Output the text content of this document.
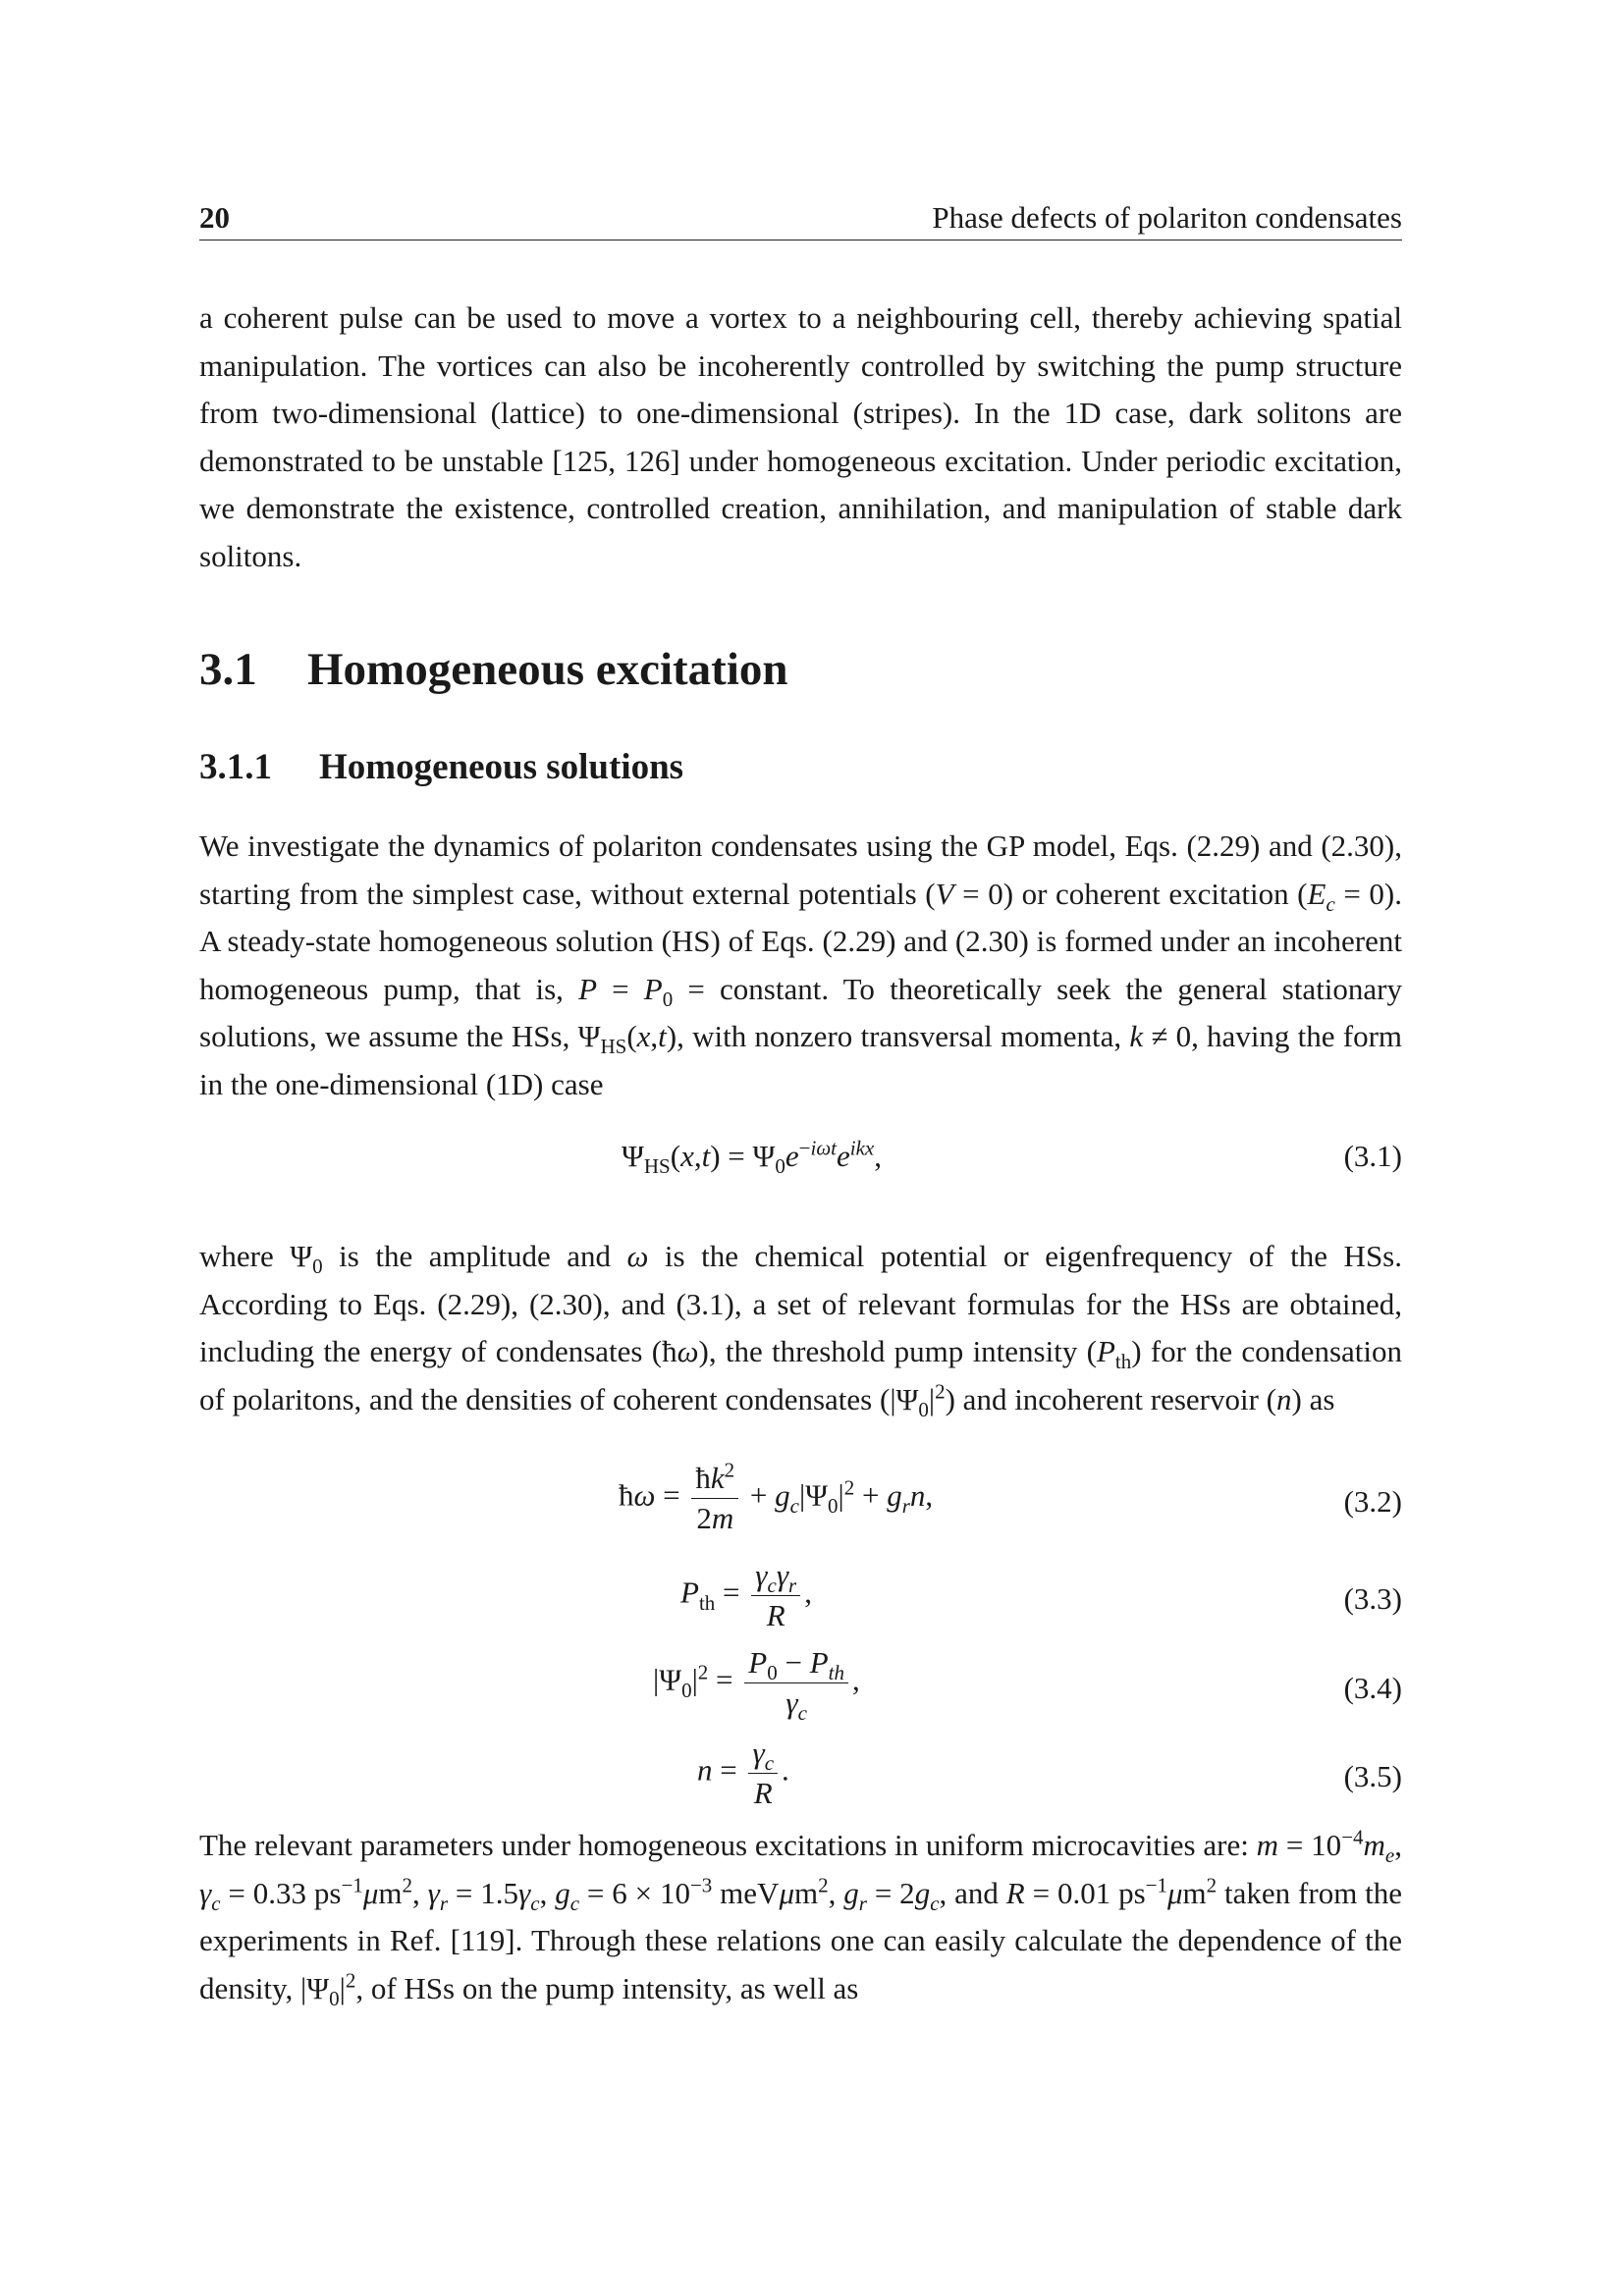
20	Phase defects of polariton condensates

a coherent pulse can be used to move a vortex to a neighbouring cell, thereby achieving spatial manipulation. The vortices can also be incoherently controlled by switching the pump structure from two-dimensional (lattice) to one-dimensional (stripes). In the 1D case, dark solitons are demonstrated to be unstable [125, 126] under homogeneous excitation. Under periodic excitation, we demonstrate the existence, controlled creation, annihilation, and manipulation of stable dark solitons.

3.1 Homogeneous excitation
3.1.1 Homogeneous solutions

We investigate the dynamics of polariton condensates using the GP model, Eqs. (2.29) and (2.30), starting from the simplest case, without external potentials (V = 0) or coherent excitation $(E_c = 0)$. A steady-state homogeneous solution (HS) of Eqs. (2.29) and (2.30) is formed under an incoherent homogeneous pump, that is, $P = P_0$ = constant. To theoretically seek the general stationary solutions, we assume the HSs, $\Psi_{HS}(x,t)$, with nonzero transversal momenta, k ≠ 0, having the form in the one-dimensional (1D) case

$\Psi_{HS}(x,t) = \Psi_0e^{-i\omega t}e^{ikx}$,	(3.1)

where $\Psi_0$ is the amplitude and ω is the chemical potential or eigenfrequency of the HSs. According to Eqs. (2.29), (2.30), and (3.1), a set of relevant formulas for the HSs are obtained, including the energy of condensates (ħω), the threshold pump intensity $(P_{th})$ for the condensation of polaritons, and the densities of coherent condensates $(|\Psi_0|^2)$ and incoherent reservoir (n) as

ħω = $\frac{ħk^2}{2m} + g_c|\Psi_0|^2 + g_rn$,	(3.2)
$P_{th} = \frac{\gamma_c\gamma_r}{R}$ ,	(3.3)
$|\Psi_0|^2 = \frac{P_0 - P_{th}}{\gamma_c}$ ,	(3.4)
$n = \frac{\gamma_c}{R}$ .	(3.5)

The relevant parameters under homogeneous excitations in uniform microcavities are: $m = 10^{-4}m_e$, $\gamma_c = 0.33$ $ps^{-1}\mu m^2$, $\gamma_r = 1.5\gamma_c$, $g_c = 6 \times 10^{-3}$ meVμm$^2$, $g_r = 2g_c$, and R = 0.01 $ps^{-1}\mu m^2$ taken from the experiments in Ref. [119]. Through these relations one can easily calculate the dependence of the density, $|\Psi_0|^2$, of HSs on the pump intensity, as well as
